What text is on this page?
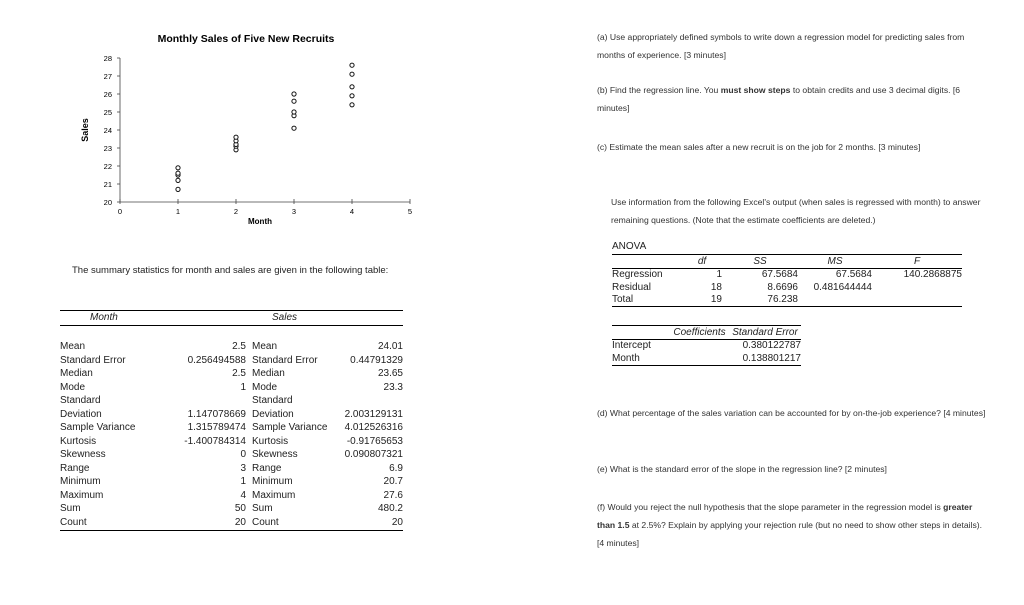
Monthly Sales of Five New Recruits
Sales
Month
20
21
22
23
24
25
26
27
28
0	1	2	3	4	5
The summary statistics for month and sales are given in the following table:
Month	Sales
Mean	2.5	Mean	24.01
Standard Error	0.256494588	Standard Error	0.44791329
Median	2.5	Median	23.65
Mode	1	Mode	23.3
Standard		Standard	
Deviation	1.147078669	Deviation	2.003129131
Sample Variance	1.315789474	Sample Variance	4.012526316
Kurtosis	-1.400784314	Kurtosis	-0.91765653
Skewness	0	Skewness	0.090807321
Range	3	Range	6.9
Minimum	1	Minimum	20.7
Maximum	4	Maximum	27.6
Sum	50	Sum	480.2
Count	20	Count	20
(a) Use appropriately defined symbols to write down a regression model for predicting sales from months of experience. [3 minutes]
(b) Find the regression line. You must show steps to obtain credits and use 3 decimal digits. [6 minutes]
(c) Estimate the mean sales after a new recruit is on the job for 2 months. [3 minutes]
Use information from the following Excel's output (when sales is regressed with month) to answer remaining questions. (Note that the estimate coefficients are deleted.)
ANOVA
	df	SS	MS	F
Regression	1	67.5684	67.5684	140.2868875
Residual	18	8.6696	0.481644444	
Total	19	76.238		
	Coefficients	Standard Error
Intercept		0.380122787
Month		0.138801217
(d) What percentage of the sales variation can be accounted for by on-the-job experience? [4 minutes]
(e) What is the standard error of the slope in the regression line? [2 minutes]
(f) Would you reject the null hypothesis that the slope parameter in the regression model is greater than 1.5 at 2.5%? Explain by applying your rejection rule (but no need to show other steps in details). [4 minutes]
